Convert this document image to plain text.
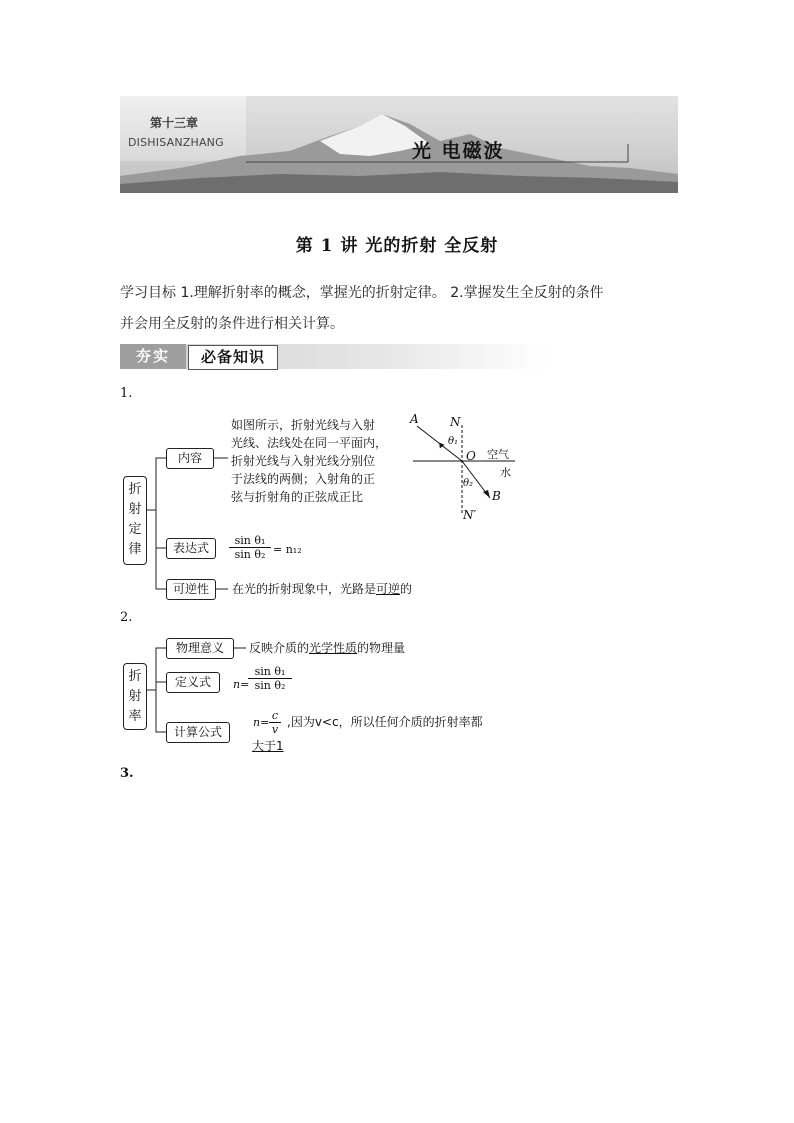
第十三章
DISHISANZHANG	光 电磁波
第 1 讲 光的折射 全反射
学习目标 1.理解折射率的概念，掌握光的折射定律。 2.掌握发生全反射的条件
并会用全反射的条件进行相关计算。
夯实	必备知识
1.
折射定律
内容
如图所示，折射光线与入射
光线、法线处在同一平面内，
折射光线与入射光线分别位
于法线的两侧；入射角的正
弦与折射角的正弦成正比
表达式	$\frac{\text{sin θ₁}}{\text{sin θ₂}} = n_{12}$
可逆性	在光的折射现象中，光路是可逆的
A	N
θ₁
O 空气
水
θ₂
B
N′
2.
折射率
物理意义	反映介质的光学性质的物理量
定义式	n=
$\frac{\text{sin θ₁}}{\text{sin θ₂}}$
计算公式
$n= \frac{c}{v}$ ,因为v<c，所以任何介质的折射率都
大于1
3.
